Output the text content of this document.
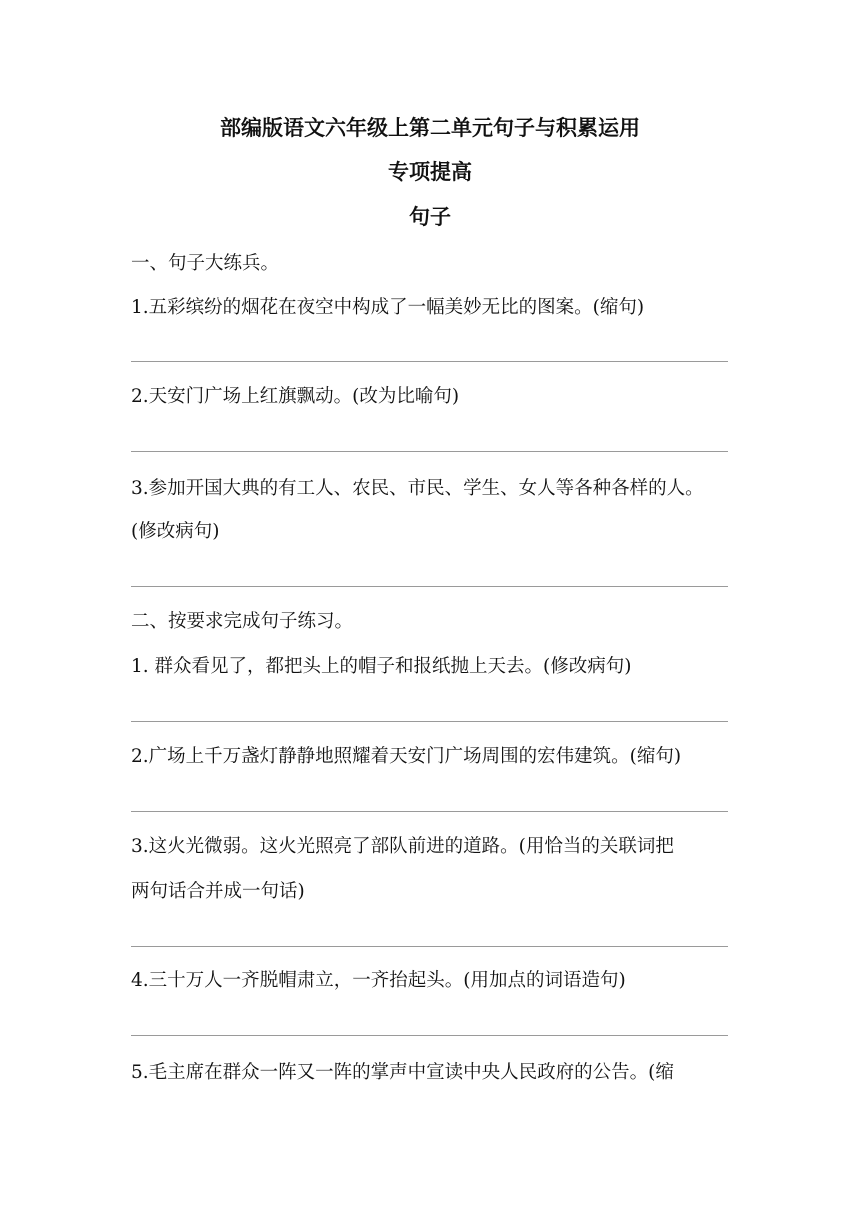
部编版语文六年级上第二单元句子与积累运用
专项提高
句子
一、句子大练兵。
1.五彩缤纷的烟花在夜空中构成了一幅美妙无比的图案。(缩句)
2.天安门广场上红旗飘动。(改为比喻句)
3.参加开国大典的有工人、农民、市民、学生、女人等各种各样的人。
(修改病句)
二、按要求完成句子练习。
1. 群众看见了，都把头上的帽子和报纸抛上天去。(修改病句)
2.广场上千万盏灯静静地照耀着天安门广场周围的宏伟建筑。(缩句)
3.这火光微弱。这火光照亮了部队前进的道路。(用恰当的关联词把
两句话合并成一句话)
4.三十万人一齐脱帽肃立，一齐抬起头。(用加点的词语造句)
5.毛主席在群众一阵又一阵的掌声中宣读中央人民政府的公告。(缩
